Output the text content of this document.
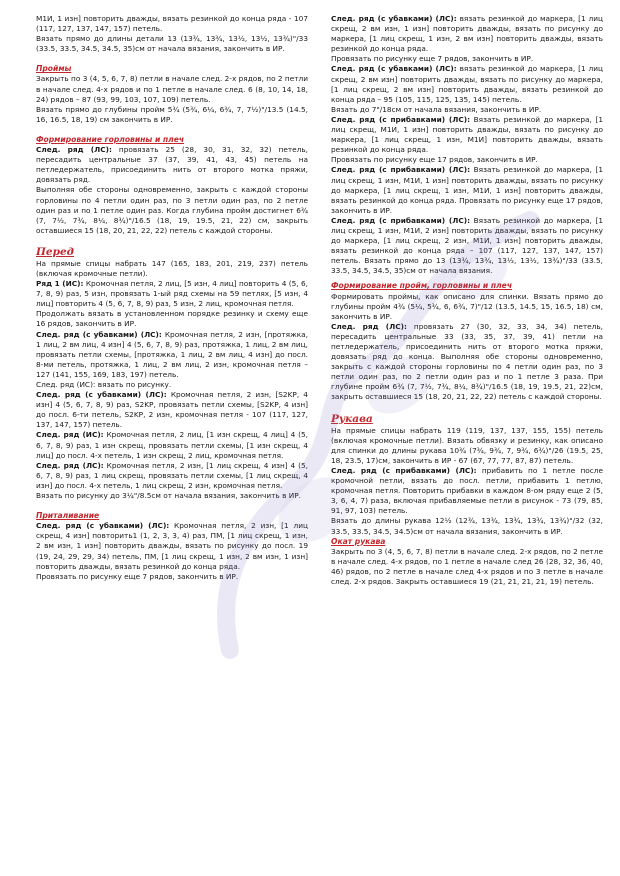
М1И, 1 изн] повторить дважды, вязать резинкой до конца ряда - 107 (117, 127, 137, 147, 157) петель.

Вязать прямо до длины детали 13 (13¾, 13¾, 13½, 13½, 13¾)"/33 (33.5, 33.5, 34.5, 34.5, 35)см от начала вязания, закончить в ИР.

Проймы

Закрыть по 3 (4, 5, 6, 7, 8) петли в начале след. 2-х рядов, по 2 петли в начале след. 4-х рядов и по 1 петле в начале след. 6 (8, 10, 14, 18, 24) рядов – 87 (93, 99, 103, 107, 109) петель.

Вязать прямо до глубины пройм 5¾ (5¾, 6¼, 6¾, 7, 7½)"/13.5 (14.5, 16, 16.5, 18, 19) см закончить в ИР.

Формирование горловины и плеч

След. ряд (ЛС): провязать 25 (28, 30, 31, 32, 32) петель, пересадить центральные 37 (37, 39, 41, 43, 45) петель на петледержатель, присоединить нить от второго мотка пряжи, довязать ряд.

Выполняя обе стороны одновременно, закрыть с каждой стороны горловины по 4 петли один раз, по 3 петли один раз, по 2 петле один раз и по 1 петле один раз. Когда глубина пройм достигнет 6¾ (7, 7½, 7¾, 8¼, 8¾)"/16.5 (18, 19, 19.5, 21, 22) см, закрыть оставшиеся 15 (18, 20, 21, 22, 22) петель с каждой стороны.

Перед

На прямые спицы набрать 147 (165, 183, 201, 219, 237) петель (включая кромочные петли).

Ряд 1 (ИС): Кромочная петля, 2 лиц, [5 изн, 4 лиц] повторить 4 (5, 6, 7, 8, 9) раз, 5 изн, провязать 1-ый ряд схемы на 59 петлях, [5 изн, 4 лиц] повторить 4 (5, 6, 7, 8, 9) раз, 5 изн, 2 лиц, кромочная петля.

Продолжать вязать в установленном порядке резинку и схему еще 16 рядов, закончить в ИР.

След. ряд (с убавками) (ЛС): Кромочная петля, 2 изн, [протяжка, 1 лиц, 2 вм лиц, 4 изн] 4 (5, 6, 7, 8, 9) раз, протяжка, 1 лиц, 2 вм лиц, провязать петли схемы, [протяжка, 1 лиц, 2 вм лиц, 4 изн] до посл. 8-ми петель, протяжка, 1 лиц, 2 вм лиц, 2 изн, кромочная петля – 127 (141, 155, 169, 183, 197) петель.

След. ряд (ИС): вязать по рисунку.

След. ряд (с убавками) (ЛС): Кромочная петля, 2 изн, [S2KP, 4 изн] 4 (5, 6, 7, 8, 9) раз, S2KP, провязать петли схемы, [S2KP, 4 изн] до посл. 6-ти петель, S2KP, 2 изн, кромочная петля - 107 (117, 127, 137, 147, 157) петель.

След. ряд (ИС): Кромочная петля, 2 лиц, [1 изн скрещ, 4 лиц] 4 (5, 6, 7, 8, 9) раз, 1 изн скрещ, провязать петли схемы, [1 изн скрещ, 4 лиц] до посл. 4-х петель, 1 изн скрещ, 2 лиц, кромочная петля.

След. ряд (ЛС): Кромочная петля, 2 изн, [1 лиц скрещ, 4 изн] 4 (5, 6, 7, 8, 9) раз, 1 лиц скрещ, провязать петли схемы, [1 лиц скрещ, 4 изн] до посл. 4-х петель, 1 лиц скрещ, 2 изн, кромочная петля.

Вязать по рисунку до 3¼"/8.5см от начала вязания, закончить в ИР.

Приталивание

След. ряд (с убавками) (ЛС): Кромочная петля, 2 изн, [1 лиц скрещ, 4 изн] повторить1 (1, 2, 3, 3, 4) раз, ПМ, [1 лиц скрещ, 1 изн, 2 вм изн, 1 изн] повторить дважды, вязать по рисунку до посл. 19 (19, 24, 29, 29, 34) петель, ПМ, [1 лиц скрещ, 1 изн, 2 вм изн, 1 изн] повторить дважды, вязать резинкой до конца ряда.

Провязать по рисунку еще 7 рядов, закончить в ИР.

След. ряд (с убавками) (ЛС): вязать резинкой до маркера, [1 лиц скрещ, 2 вм изн, 1 изн] повторить дважды, вязать по рисунку до маркера, [1 лиц скрещ, 1 изн, 2 вм изн] повторить дважды, вязать резинкой до конца ряда.

Провязать по рисунку еще 7 рядов, закончить в ИР.

След. ряд (с убавками) (ЛС): вязать резинкой до маркера, [1 лиц скрещ, 2 вм изн] повторить дважды, вязать по рисунку до маркера, [1 лиц скрещ, 2 вм изн] повторить дважды, вязать резинкой до конца ряда – 95 (105, 115, 125, 135, 145) петель.

Вязать до 7"/18см от начала вязания, закончить в ИР.

След. ряд (с прибавками) (ЛС): Вязать резинкой до маркера, [1 лиц скрещ, М1И, 1 изн] повторить дважды, вязать по рисунку до маркера, [1 лиц скрещ, 1 изн, М1И] повторить дважды, вязать резинкой до конца ряда.

Провязать по рисунку еще 17 рядов, закончить в ИР.

След. ряд (с прибавками) (ЛС): Вязать резинкой до маркера, [1 лиц скрещ, 1 изн, М1И, 1 изн] повторить дважды, вязать по рисунку до маркера, [1 лиц скрещ, 1 изн, М1И, 1 изн] повторить дважды, вязать резинкой до конца ряда. Провязать по рисунку еще 17 рядов, закончить в ИР.

След. ряд (с прибавками) (ЛС): Вязать резинкой до маркера, [1 лиц скрещ, 1 изн, М1И, 2 изн] повторить дважды, вязать по рисунку до маркера, [1 лиц скрещ, 2 изн, М1И, 1 изн] повторить дважды, вязать резинкой до конца ряда – 107 (117, 127, 137, 147, 157) петель. Вязать прямо до 13 (13¾, 13¾, 13½, 13½, 13¾)"/33 (33.5, 33.5, 34.5, 34.5, 35)см от начала вязания.

Формирование пройм, горловины и плеч

Формировать проймы, как описано для спинки. Вязать прямо до глубины пройм 4¾ (5¼, 5¾, 6, 6¾, 7)"/12 (13.5, 14.5, 15, 16.5, 18) см, закончить в ИР.

След. ряд (ЛС): провязать 27 (30, 32, 33, 34, 34) петель, пересадить центральные 33 (33, 35, 37, 39, 41) петли на петледержатель, присоединить нить от второго мотка пряжи, довязать ряд до конца. Выполняя обе стороны одновременно, закрыть с каждой стороны горловины по 4 петли один раз, по 3 петли один раз, по 2 петли один раз и по 1 петле 3 раза. При глубине пройм 6¾ (7, 7½, 7¾, 8¼, 8¾)"/16.5 (18, 19, 19.5, 21, 22)см, закрыть оставшиеся 15 (18, 20, 21, 22, 22) петель с каждой стороны.

Рукава

На прямые спицы набрать 119 (119, 137, 137, 155, 155) петель (включая кромочные петли). Вязать обвязку и резинку, как описано для спинки до длины рукава 10¾ (7¾, 9¾, 7, 9¾, 6¾)"/26 (19.5, 25, 18, 23.5, 17)см, закончить в ИР - 67 (67, 77, 77, 87, 87) петель.

След. ряд (с прибавками) (ЛС): прибавить по 1 петле после кромочной петли, вязать до посл. петли, прибавить 1 петлю, кромочная петля. Повторить прибавки в каждом 8-ом ряду еще 2 (5, 3, 6, 4, 7) раза, включая прибавляемые петли в рисунок - 73 (79, 85, 91, 97, 103) петель.

Вязать до длины рукава 12½ (12¾, 13¾, 13¾, 13¾, 13¾)"/32 (32, 33.5, 33.5, 34.5, 34.5)см от начала вязания, закончить в ИР.

Окат рукава

Закрыть по 3 (4, 5, 6, 7, 8) петли в начале след. 2-х рядов, по 2 петле в начале след. 4-х рядов, по 1 петле в начале след 26 (28, 32, 36, 40, 46) рядов, по 2 петле в начале след 4-х рядов и по 3 петле в начале след. 2-х рядов. Закрыть оставшиеся 19 (21, 21, 21, 21, 19) петель.
